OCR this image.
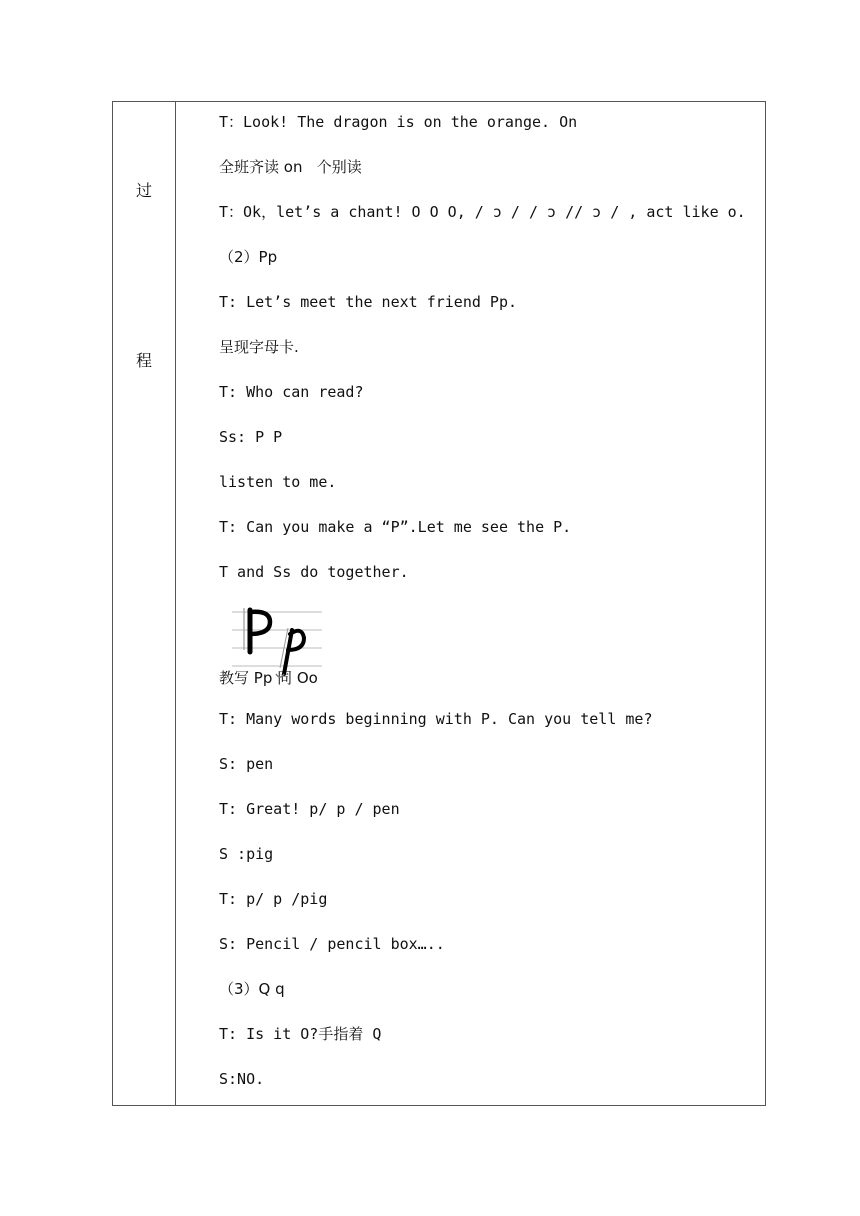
过
程
T：Look! The dragon is on the orange. On
全班齐读 on   个别读
T：Ok，let’s a chant! O O O, / ɔ / / ɔ // ɔ / , act like o.
（2）Pp
T: Let’s meet the next friend Pp.
呈现字母卡.
T: Who can read?
Ss: P P
listen to me.
T: Can you make a “P”.Let me see the P.
T and Ss do together.
教写 Pp 同 Oo
T: Many words beginning with P. Can you tell me?
S: pen
T: Great! p/ p / pen
S :pig
T: p/ p /pig
S: Pencil / pencil box…..
（3）Q q
T: Is it O?手指着 Q
S:NO.
